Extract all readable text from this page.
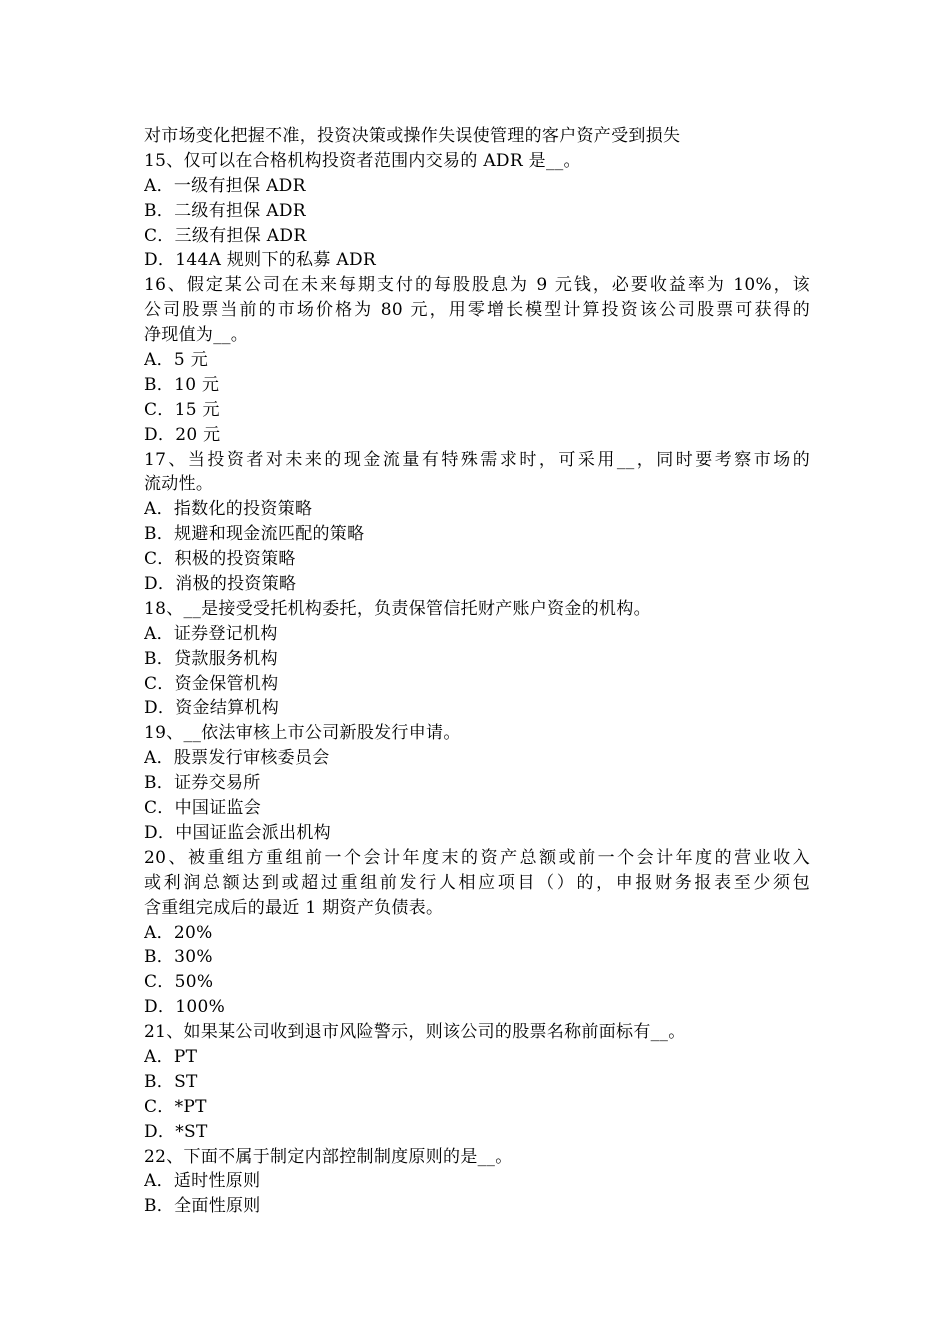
对市场变化把握不准，投资决策或操作失误使管理的客户资产受到损失
15、仅可以在合格机构投资者范围内交易的 ADR 是__。
A．一级有担保 ADR
B．二级有担保 ADR
C．三级有担保 ADR
D．144A 规则下的私募 ADR
16、假定某公司在未来每期支付的每股股息为 9 元钱，必要收益率为 10%，该
公司股票当前的市场价格为 80 元，用零增长模型计算投资该公司股票可获得的
净现值为__。
A．5 元
B．10 元
C．15 元
D．20 元
17、当投资者对未来的现金流量有特殊需求时，可采用__，同时要考察市场的
流动性。
A．指数化的投资策略
B．规避和现金流匹配的策略
C．积极的投资策略
D．消极的投资策略
18、__是接受受托机构委托，负责保管信托财产账户资金的机构。
A．证券登记机构
B．贷款服务机构
C．资金保管机构
D．资金结算机构
19、__依法审核上市公司新股发行申请。
A．股票发行审核委员会
B．证券交易所
C．中国证监会
D．中国证监会派出机构
20、被重组方重组前一个会计年度末的资产总额或前一个会计年度的营业收入
或利润总额达到或超过重组前发行人相应项目（）的，申报财务报表至少须包
含重组完成后的最近 1 期资产负债表。
A．20%
B．30%
C．50%
D．100%
21、如果某公司收到退市风险警示，则该公司的股票名称前面标有__。
A．PT
B．ST
C．*PT
D．*ST
22、下面不属于制定内部控制制度原则的是__。
A．适时性原则
B．全面性原则
